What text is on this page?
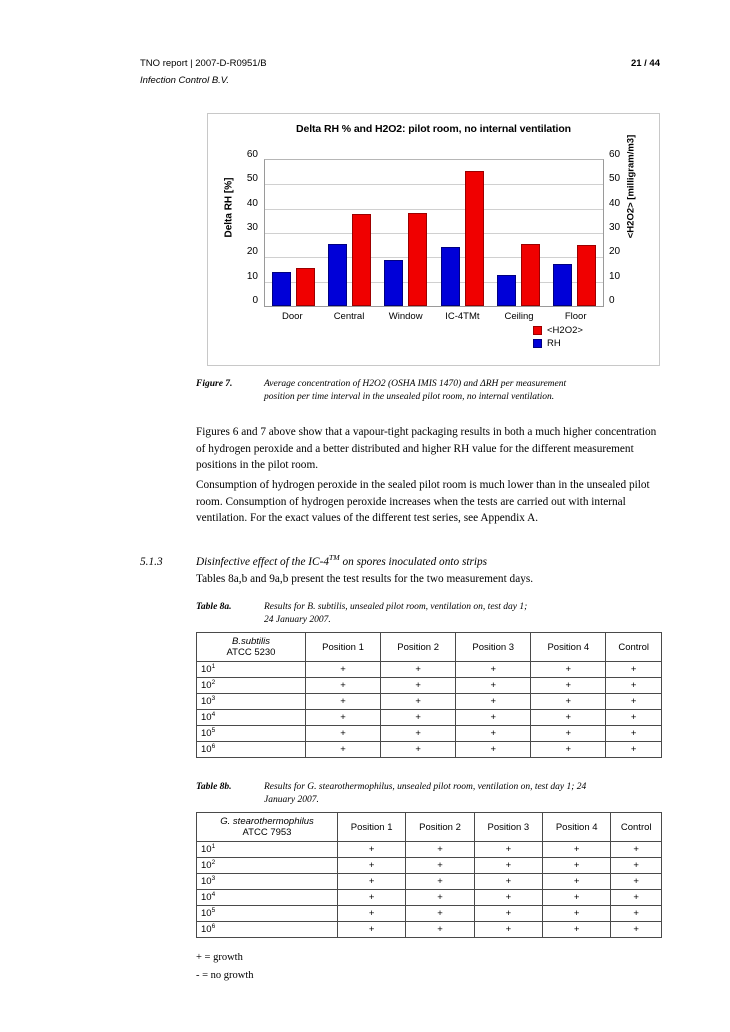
TNO report | 2007-D-R0951/B	21 / 44
Infection Control B.V.
Delta RH % and H2O2: pilot room, no internal ventilation
Delta RH [%]	<H2O2> [milligram/m3]
60
50
40
30
20
10
0
60
50
40
30
20
10
0
Door	Central	Window	IC-4TMt	Ceiling	Floor
<H2O2>
RH
Figure 7.	Average concentration of H2O2 (OSHA IMIS 1470) and ΔRH per measurement
position per time interval in the unsealed pilot room, no internal ventilation.
Figures 6 and 7 above show that a vapour-tight packaging results in both a much higher concentration of hydrogen peroxide and a better distributed and higher RH value for the different measurement positions in the pilot room.
Consumption of hydrogen peroxide in the sealed pilot room is much lower than in the unsealed pilot room. Consumption of hydrogen peroxide increases when the tests are carried out with internal ventilation. For the exact values of the different test series, see Appendix A.
5.1.3	Disinfective effect of the IC-4™ on spores inoculated onto strips
Tables 8a,b and 9a,b present the test results for the two measurement days.
Table 8a.	Results for B. subtilis, unsealed pilot room, ventilation on, test day 1;
24 January 2007.
B.subtilis
ATCC 5230	Position 1	Position 2	Position 3	Position 4	Control
$10^1$	+	+	+	+	+
$10^2$	+	+	+	+	+
$10^3$	+	+	+	+	+
$10^4$	+	+	+	+	+
$10^5$	+	+	+	+	+
$10^6$	+	+	+	+	+
Table 8b.	Results for G. stearothermophilus, unsealed pilot room, ventilation on, test day 1; 24
January 2007.
G. stearothermophilus
ATCC 7953	Position 1	Position 2	Position 3	Position 4	Control
$10^1$	+	+	+	+	+
$10^2$	+	+	+	+	+
$10^3$	+	+	+	+	+
$10^4$	+	+	+	+	+
$10^5$	+	+	+	+	+
$10^6$	+	+	+	+	+
+ = growth
- = no growth
